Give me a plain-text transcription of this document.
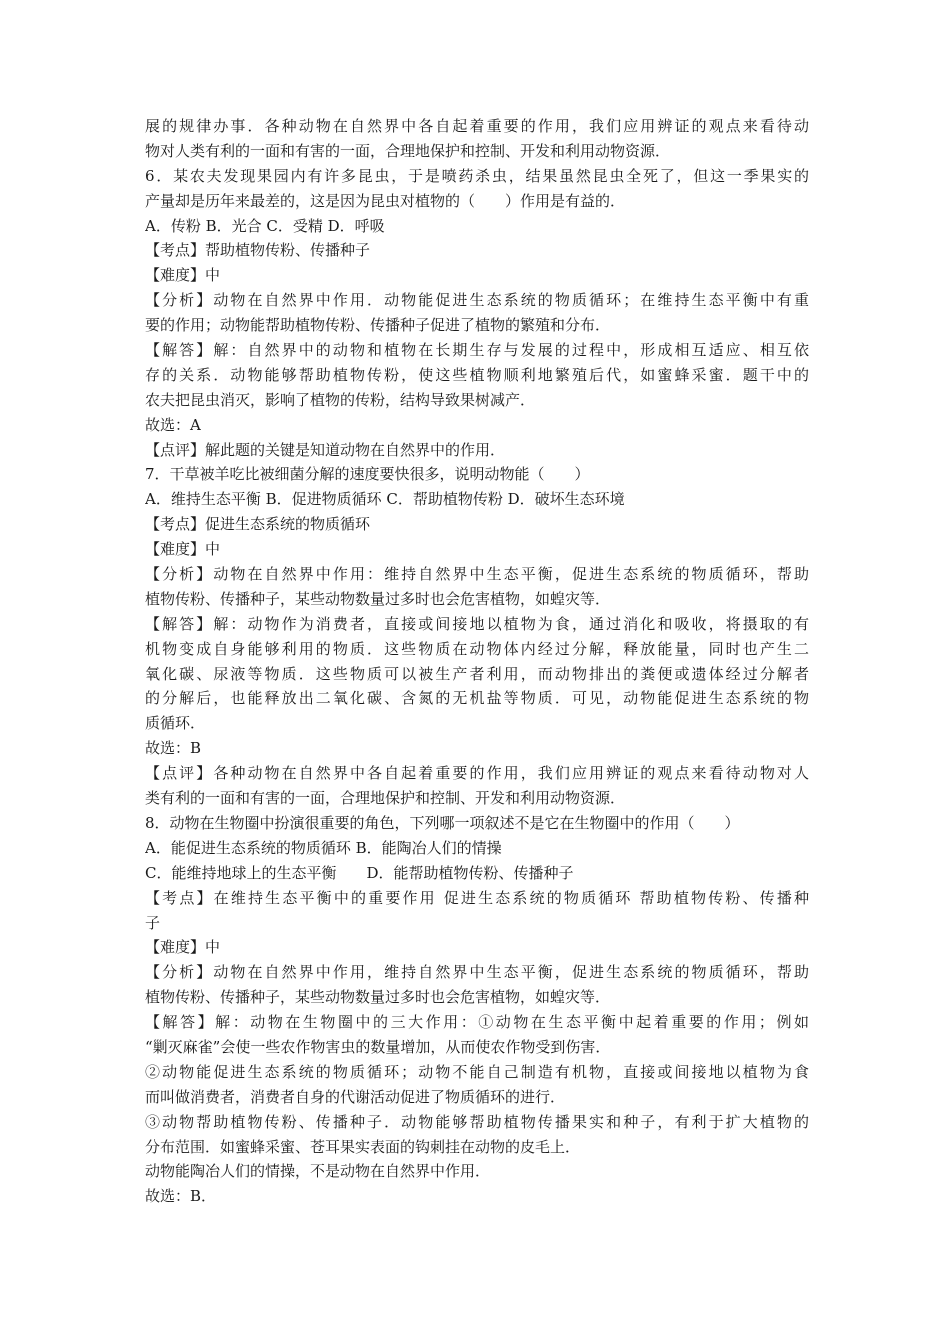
展的规律办事．各种动物在自然界中各自起着重要的作用，我们应用辨证的观点来看待动
物对人类有利的一面和有害的一面，合理地保护和控制、开发和利用动物资源．
6．某农夫发现果园内有许多昆虫，于是喷药杀虫，结果虽然昆虫全死了，但这一季果实的
产量却是历年来最差的，这是因为昆虫对植物的（　　）作用是有益的．
A．传粉 B．光合 C．受精 D．呼吸
【考点】帮助植物传粉、传播种子
【难度】中
【分析】动物在自然界中作用．动物能促进生态系统的物质循环；在维持生态平衡中有重
要的作用；动物能帮助植物传粉、传播种子促进了植物的繁殖和分布．
【解答】解：自然界中的动物和植物在长期生存与发展的过程中，形成相互适应、相互依
存的关系．动物能够帮助植物传粉，使这些植物顺利地繁殖后代，如蜜蜂采蜜．题干中的
农夫把昆虫消灭，影响了植物的传粉，结构导致果树减产．
故选：A
【点评】解此题的关键是知道动物在自然界中的作用．
7．干草被羊吃比被细菌分解的速度要快很多，说明动物能（　　）
A．维持生态平衡 B．促进物质循环 C．帮助植物传粉 D．破坏生态环境
【考点】促进生态系统的物质循环
【难度】中
【分析】动物在自然界中作用：维持自然界中生态平衡，促进生态系统的物质循环，帮助
植物传粉、传播种子，某些动物数量过多时也会危害植物，如蝗灾等．
【解答】解：动物作为消费者，直接或间接地以植物为食，通过消化和吸收，将摄取的有
机物变成自身能够利用的物质．这些物质在动物体内经过分解，释放能量，同时也产生二
氧化碳、尿液等物质．这些物质可以被生产者利用，而动物排出的粪便或遗体经过分解者
的分解后，也能释放出二氧化碳、含氮的无机盐等物质．可见，动物能促进生态系统的物
质循环．
故选：B
【点评】各种动物在自然界中各自起着重要的作用，我们应用辨证的观点来看待动物对人
类有利的一面和有害的一面，合理地保护和控制、开发和利用动物资源．
8．动物在生物圈中扮演很重要的角色，下列哪一项叙述不是它在生物圈中的作用（　　）
A．能促进生态系统的物质循环 B．能陶冶人们的情操
C．能维持地球上的生态平衡　　D．能帮助植物传粉、传播种子
【考点】在维持生态平衡中的重要作用 促进生态系统的物质循环 帮助植物传粉、传播种
子
【难度】中
【分析】动物在自然界中作用，维持自然界中生态平衡，促进生态系统的物质循环，帮助
植物传粉、传播种子，某些动物数量过多时也会危害植物，如蝗灾等．
【解答】解：动物在生物圈中的三大作用：①动物在生态平衡中起着重要的作用；例如
“剿灭麻雀”会使一些农作物害虫的数量增加，从而使农作物受到伤害．
②动物能促进生态系统的物质循环；动物不能自己制造有机物，直接或间接地以植物为食
而叫做消费者，消费者自身的代谢活动促进了物质循环的进行．
③动物帮助植物传粉、传播种子．动物能够帮助植物传播果实和种子，有利于扩大植物的
分布范围．如蜜蜂采蜜、苍耳果实表面的钩刺挂在动物的皮毛上．
动物能陶冶人们的情操，不是动物在自然界中作用．
故选：B．
